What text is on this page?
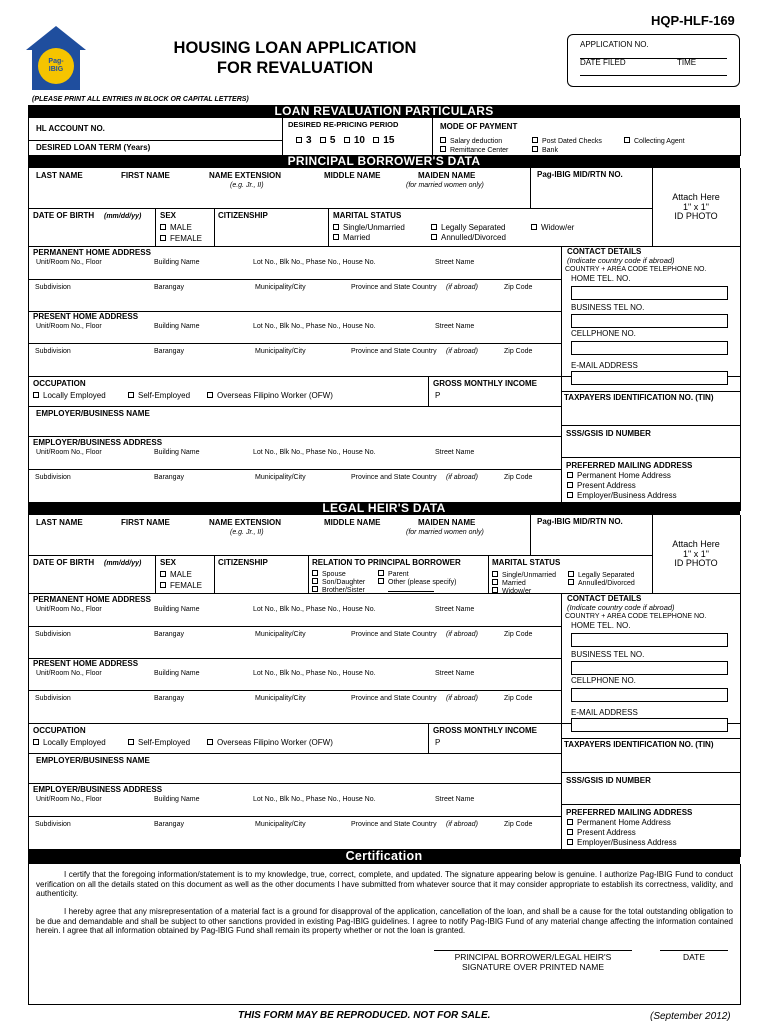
HQP-HLF-169
Pag-
IBIG
HOUSING LOAN APPLICATION
FOR REVALUATION
APPLICATION NO.
DATE FILED	TIME
(PLEASE PRINT ALL ENTRIES IN BLOCK OR CAPITAL LETTERS)
LOAN REVALUATION PARTICULARS
HL ACCOUNT NO.
DESIRED LOAN TERM (Years)
DESIRED RE-PRICING PERIOD
3 5 10 15
MODE OF PAYMENT
Salary deduction	Post Dated Checks	Collecting Agent
Remittance Center	Bank
PRINCIPAL BORROWER'S DATA
LAST NAME	FIRST NAME	NAME EXTENSION
(e.g. Jr., II)
MIDDLE NAME	MAIDEN NAME
(for married women only)
Pag-IBIG MID/RTN NO.
Attach Here
1" x 1"
ID PHOTO
DATE OF BIRTH (mm/dd/yy) SEX
MALE
FEMALE
CITIZENSHIP	MARITAL STATUS
Single/Unmarried	Legally Separated	Widow/er
Married	Annulled/Divorced
PERMANENT HOME ADDRESS
Unit/Room No., Floor	Building Name	Lot No., Blk No., Phase No., House No.	Street Name
Subdivision	Barangay	Municipality/City	Province and State Country (if abroad)	Zip Code
PRESENT HOME ADDRESS
Unit/Room No., Floor	Building Name	Lot No., Blk No., Phase No., House No.	Street Name
Subdivision	Barangay	Municipality/City	Province and State Country (if abroad)	Zip Code
OCCUPATION
Locally Employed	Self-Employed	Overseas Filipino Worker (OFW)
GROSS MONTHLY INCOME
P
EMPLOYER/BUSINESS NAME
EMPLOYER/BUSINESS ADDRESS
Unit/Room No., Floor	Building Name	Lot No., Blk No., Phase No., House No.	Street Name
Subdivision	Barangay	Municipality/City	Province and State Country (if abroad)	Zip Code
CONTACT DETAILS
(Indicate country code if abroad)
COUNTRY + AREA CODE TELEPHONE NO.
HOME TEL. NO.
BUSINESS TEL NO.
CELLPHONE NO.
E-MAIL ADDRESS
TAXPAYERS IDENTIFICATION NO. (TIN)
SSS/GSIS ID NUMBER
PREFERRED MAILING ADDRESS
Permanent Home Address
Present Address
Employer/Business Address
LEGAL HEIR'S DATA
LAST NAME	FIRST NAME	NAME EXTENSION
(e.g. Jr., II)
MIDDLE NAME	MAIDEN NAME
(for married women only)
Pag-IBIG MID/RTN NO.
Attach Here
1" x 1"
ID PHOTO
DATE OF BIRTH (mm/dd/yy) SEX
MALE
FEMALE
CITIZENSHIP	RELATION TO PRINCIPAL BORROWER
Spouse	Parent
Son/Daughter	Other (please specify)
Brother/Sister
MARITAL STATUS
Single/Unmarried	Legally Separated
Married	Annulled/Divorced
Widow/er
PERMANENT HOME ADDRESS
Unit/Room No., Floor	Building Name	Lot No., Blk No., Phase No., House No.	Street Name
Subdivision	Barangay	Municipality/City	Province and State Country (if abroad)	Zip Code
PRESENT HOME ADDRESS
Unit/Room No., Floor	Building Name	Lot No., Blk No., Phase No., House No.	Street Name
Subdivision	Barangay	Municipality/City	Province and State Country (if abroad)	Zip Code
OCCUPATION
Locally Employed	Self-Employed	Overseas Filipino Worker (OFW)
GROSS MONTHLY INCOME
P
EMPLOYER/BUSINESS NAME
EMPLOYER/BUSINESS ADDRESS
Unit/Room No., Floor	Building Name	Lot No., Blk No., Phase No., House No.	Street Name
Subdivision	Barangay	Municipality/City	Province and State Country (if abroad)	Zip Code
CONTACT DETAILS
(Indicate country code if abroad)
COUNTRY + AREA CODE TELEPHONE NO.
HOME TEL. NO.
BUSINESS TEL NO.
CELLPHONE NO.
E-MAIL ADDRESS
TAXPAYERS IDENTIFICATION NO. (TIN)
SSS/GSIS ID NUMBER
PREFERRED MAILING ADDRESS
Permanent Home Address
Present Address
Employer/Business Address
Certification
I certify that the foregoing information/statement is to my knowledge, true, correct, complete, and updated. The signature appearing below is genuine. I authorize Pag-IBIG Fund to conduct verification on all the details stated on this document as well as the other documents I have submitted from whatever source that it may consider appropriate to establish its correctness, validity, and authenticity.
I hereby agree that any misrepresentation of a material fact is a ground for disapproval of the application, cancellation of the loan, and shall be a cause for the total outstanding obligation to be due and demandable and shall be subject to other sanctions provided in existing Pag-IBIG guidelines. I agree to notify Pag-IBIG Fund of any material change affecting the information contained herein. I agree that all information obtained by Pag-IBIG Fund shall remain its property whether or not the loan is granted.
PRINCIPAL BORROWER/LEGAL HEIR'S
SIGNATURE OVER PRINTED NAME
DATE
THIS FORM MAY BE REPRODUCED. NOT FOR SALE.	(September 2012)
